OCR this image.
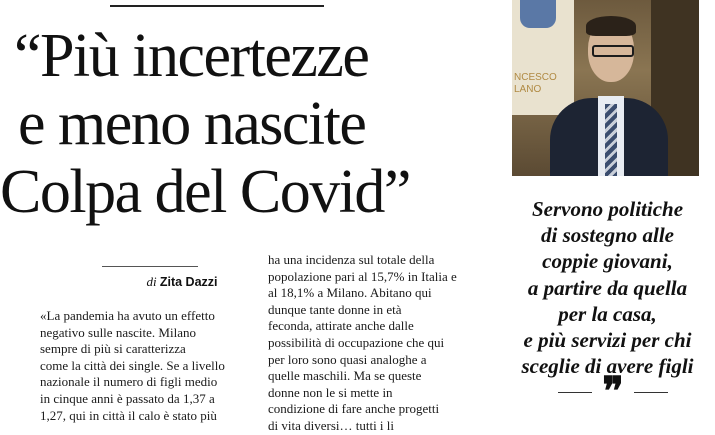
“Più incertezze
e meno nascite
Colpa del Covid”
di Zita Dazzi

«La pandemia ha avuto un effetto

negativo sulle nascite. Milano

sempre di più si caratterizza

come la città dei single. Se a livello

nazionale il numero di figli medio

in cinque anni è passato da 1,37 a

1,27, qui in città il calo è stato più

ha una incidenza sul totale della

popolazione pari al 15,7% in Italia e

al 18,1% a Milano. Abitano qui

dunque tante donne in età

feconda, attirate anche dalle

possibilità di occupazione che qui

per loro sono quasi analoghe a

quelle maschili. Ma se queste

donne non le si mette in

condizione di fare anche progetti

di vita diversi… tutti i li

NCESCO
LANO
Servono politiche
di sostegno alle
coppie giovani,
a partire da quella
per la casa,
e più servizi per chi
sceglie di avere figli
❞
